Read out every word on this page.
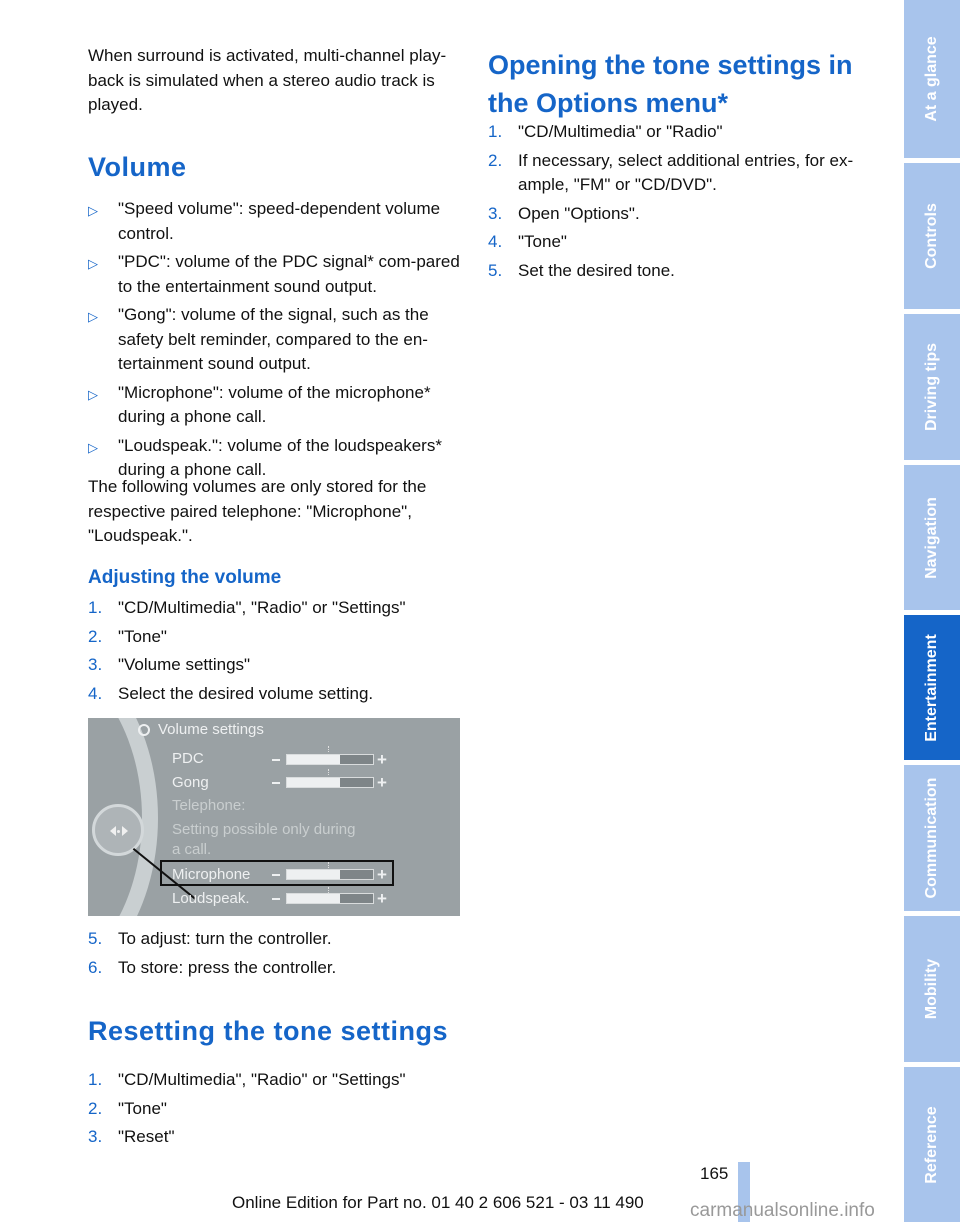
When surround is activated, multi-channel play-back is simulated when a stereo audio track is played.

Volume
▷ "Speed volume": speed-dependent volume control.
▷ "PDC": volume of the PDC signal* com-pared to the entertainment sound output.
▷ "Gong": volume of the signal, such as the safety belt reminder, compared to the en-tertainment sound output.
▷ "Microphone": volume of the microphone* during a phone call.
▷ "Loudspeak.": volume of the loudspeakers* during a phone call.

The following volumes are only stored for the respective paired telephone: "Microphone", "Loudspeak.".

Adjusting the volume
1. "CD/Multimedia", "Radio" or "Settings"
2. "Tone"
3. "Volume settings"
4. Select the desired volume setting.
5. To adjust: turn the controller.
6. To store: press the controller.
Resetting the tone settings
1. "CD/Multimedia", "Radio" or "Settings"
2. "Tone"
3. "Reset"
Volume settings
PDC	+
Gong	+
Telephone:
Setting possible only during
a call.
Microphone	+
Loudspeak.	+
Opening the tone settings in
the Options menu*
1. "CD/Multimedia" or "Radio"
2. If necessary, select additional entries, for ex-ample, "FM" or "CD/DVD".
3. Open "Options".
4. "Tone"
5. Set the desired tone.
At a glance
Controls
Driving tips
Navigation
Entertainment
Communication
Mobility
Reference
165
Online Edition for Part no. 01 40 2 606 521 - 03 11 490 carmanualsonline.info
